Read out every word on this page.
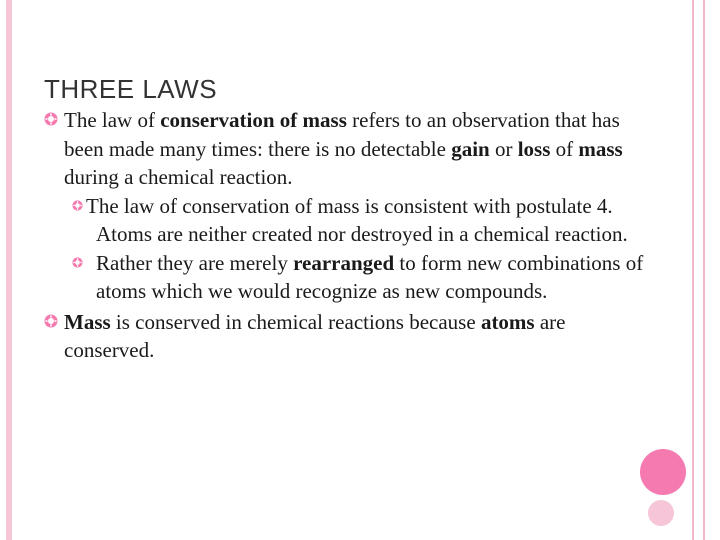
THREE LAWS

The law of conservation of mass refers to an observation that has been made many times: there is no detectable gain or loss of mass during a chemical reaction.

The law of conservation of mass is consistent with postulate 4. Atoms are neither created nor destroyed in a chemical reaction.

Rather they are merely rearranged to form new combinations of atoms which we would recognize as new compounds.

Mass is conserved in chemical reactions because atoms are conserved.
